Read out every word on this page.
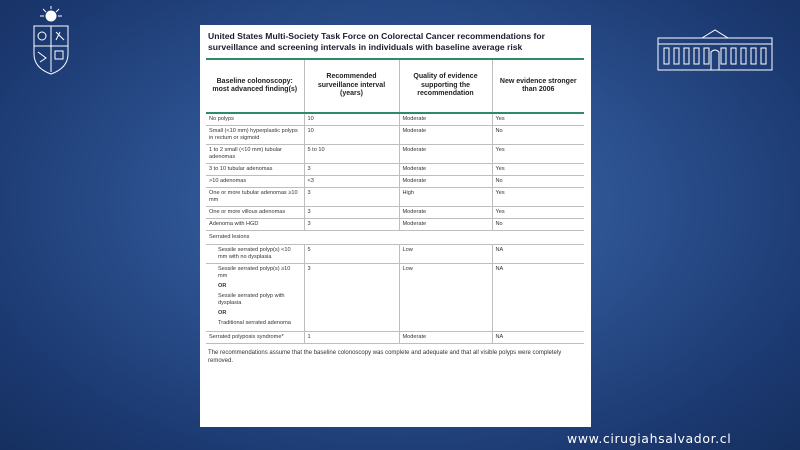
United States Multi-Society Task Force on Colorectal Cancer recommendations for
surveillance and screening intervals in individuals with baseline average risk
Baseline colonoscopy: most advanced finding(s)	Recommended surveillance interval (years)	Quality of evidence supporting the recommendation	New evidence stronger than 2006
No polyps	10	Moderate	Yes
Small (<10 mm) hyperplastic polyps in rectum or sigmoid	10	Moderate	No
1 to 2 small (<10 mm) tubular adenomas	5 to 10	Moderate	Yes
3 to 10 tubular adenomas	3	Moderate	Yes
>10 adenomas	<3	Moderate	No
One or more tubular adenomas ≥10 mm	3	High	Yes
One or more villous adenomas	3	Moderate	Yes
Adenoma with HGD	3	Moderate	No
Serrated lesions			
Sessile serrated polyp(s) <10 mm with no dysplasia	5	Low	NA

Sessile serrated polyp(s) ≥10 mm
OR
Sessile serrated polyp with dysplasia
OR
Traditional serrated adenoma	3	Low	NA
Serrated polyposis syndrome*	1	Moderate	NA
The recommendations assume that the baseline colonoscopy was complete and adequate and that all visible polyps were completely removed.
www.cirugiahsalvador.cl
